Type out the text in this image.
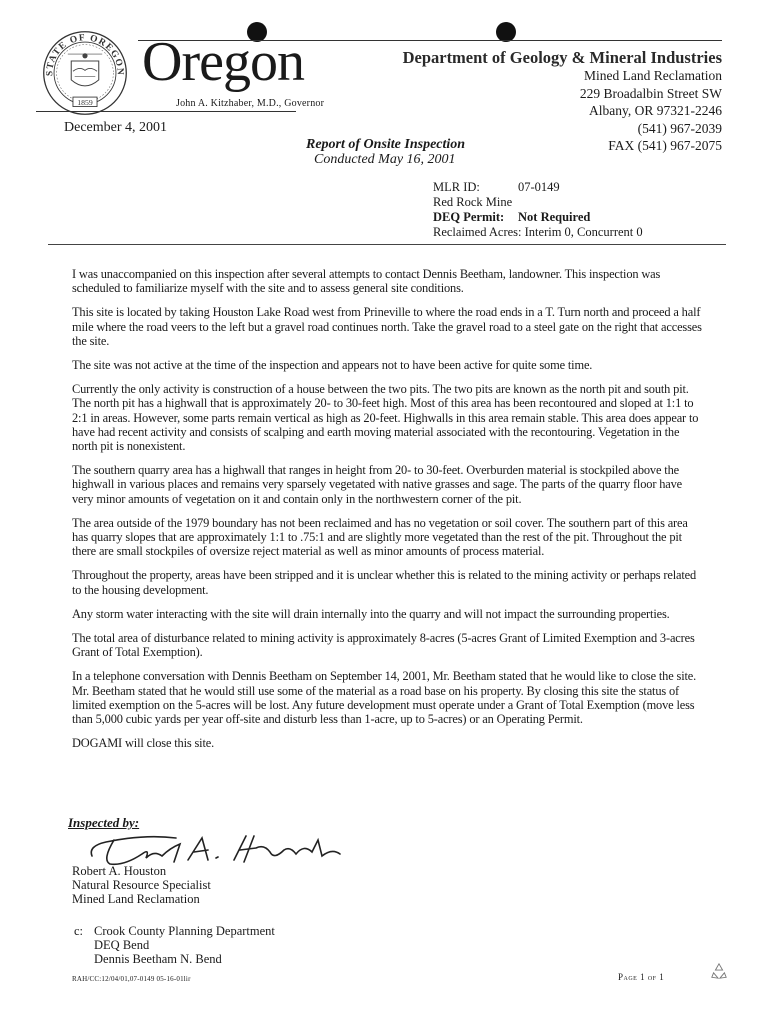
STATE OF OREGON
1859
Oregon
John A. Kitzhaber, M.D., Governor
Department of Geology & Mineral Industries
Mined Land Reclamation
229 Broadalbin Street SW
Albany, OR 97321-2246
(541) 967-2039
FAX (541) 967-2075
December 4, 2001
Report of Onsite Inspection
Conducted May 16, 2001
MLR ID:	07-0149
Red Rock Mine
DEQ Permit: Not Required
Reclaimed Acres: Interim 0, Concurrent 0

I was unaccompanied on this inspection after several attempts to contact Dennis Beetham, landowner. This inspection was scheduled to familiarize myself with the site and to assess general site conditions.

This site is located by taking Houston Lake Road west from Prineville to where the road ends in a T. Turn north and proceed a half mile where the road veers to the left but a gravel road continues north. Take the gravel road to a steel gate on the right that accesses the site.

The site was not active at the time of the inspection and appears not to have been active for quite some time.

Currently the only activity is construction of a house between the two pits. The two pits are known as the north pit and south pit. The north pit has a highwall that is approximately 20- to 30-feet high. Most of this area has been recontoured and sloped at 1:1 to 2:1 in areas. However, some parts remain vertical as high as 20-feet. Highwalls in this area remain stable. This area does appear to have had recent activity and consists of scalping and earth moving material associated with the recontouring. Vegetation in the north pit is nonexistent.

The southern quarry area has a highwall that ranges in height from 20- to 30-feet. Overburden material is stockpiled above the highwall in various places and remains very sparsely vegetated with native grasses and sage. The parts of the quarry floor have very minor amounts of vegetation on it and contain only in the northwestern corner of the pit.

The area outside of the 1979 boundary has not been reclaimed and has no vegetation or soil cover. The southern part of this area has quarry slopes that are approximately 1:1 to .75:1 and are slightly more vegetated than the rest of the pit. Throughout the pit there are small stockpiles of oversize reject material as well as minor amounts of process material.

Throughout the property, areas have been stripped and it is unclear whether this is related to the mining activity or perhaps related to the housing development.

Any storm water interacting with the site will drain internally into the quarry and will not impact the surrounding properties.

The total area of disturbance related to mining activity is approximately 8-acres (5-acres Grant of Limited Exemption and 3-acres Grant of Total Exemption).

In a telephone conversation with Dennis Beetham on September 14, 2001, Mr. Beetham stated that he would like to close the site. Mr. Beetham stated that he would still use some of the material as a road base on his property. By closing this site the status of limited exemption on the 5-acres will be lost. Any future development must operate under a Grant of Total Exemption (move less than 5,000 cubic yards per year off-site and disturb less than 1-acre, up to 5-acres) or an Operating Permit.

DOGAMI will close this site.

Inspected by:
Robert A. Houston
Natural Resource Specialist
Mined Land Reclamation
c: Crook County Planning Department
DEQ Bend
Dennis Beetham N. Bend
RAH/CC:12/04/01,07-0149 05-16-01lir	Page 1 of 1
